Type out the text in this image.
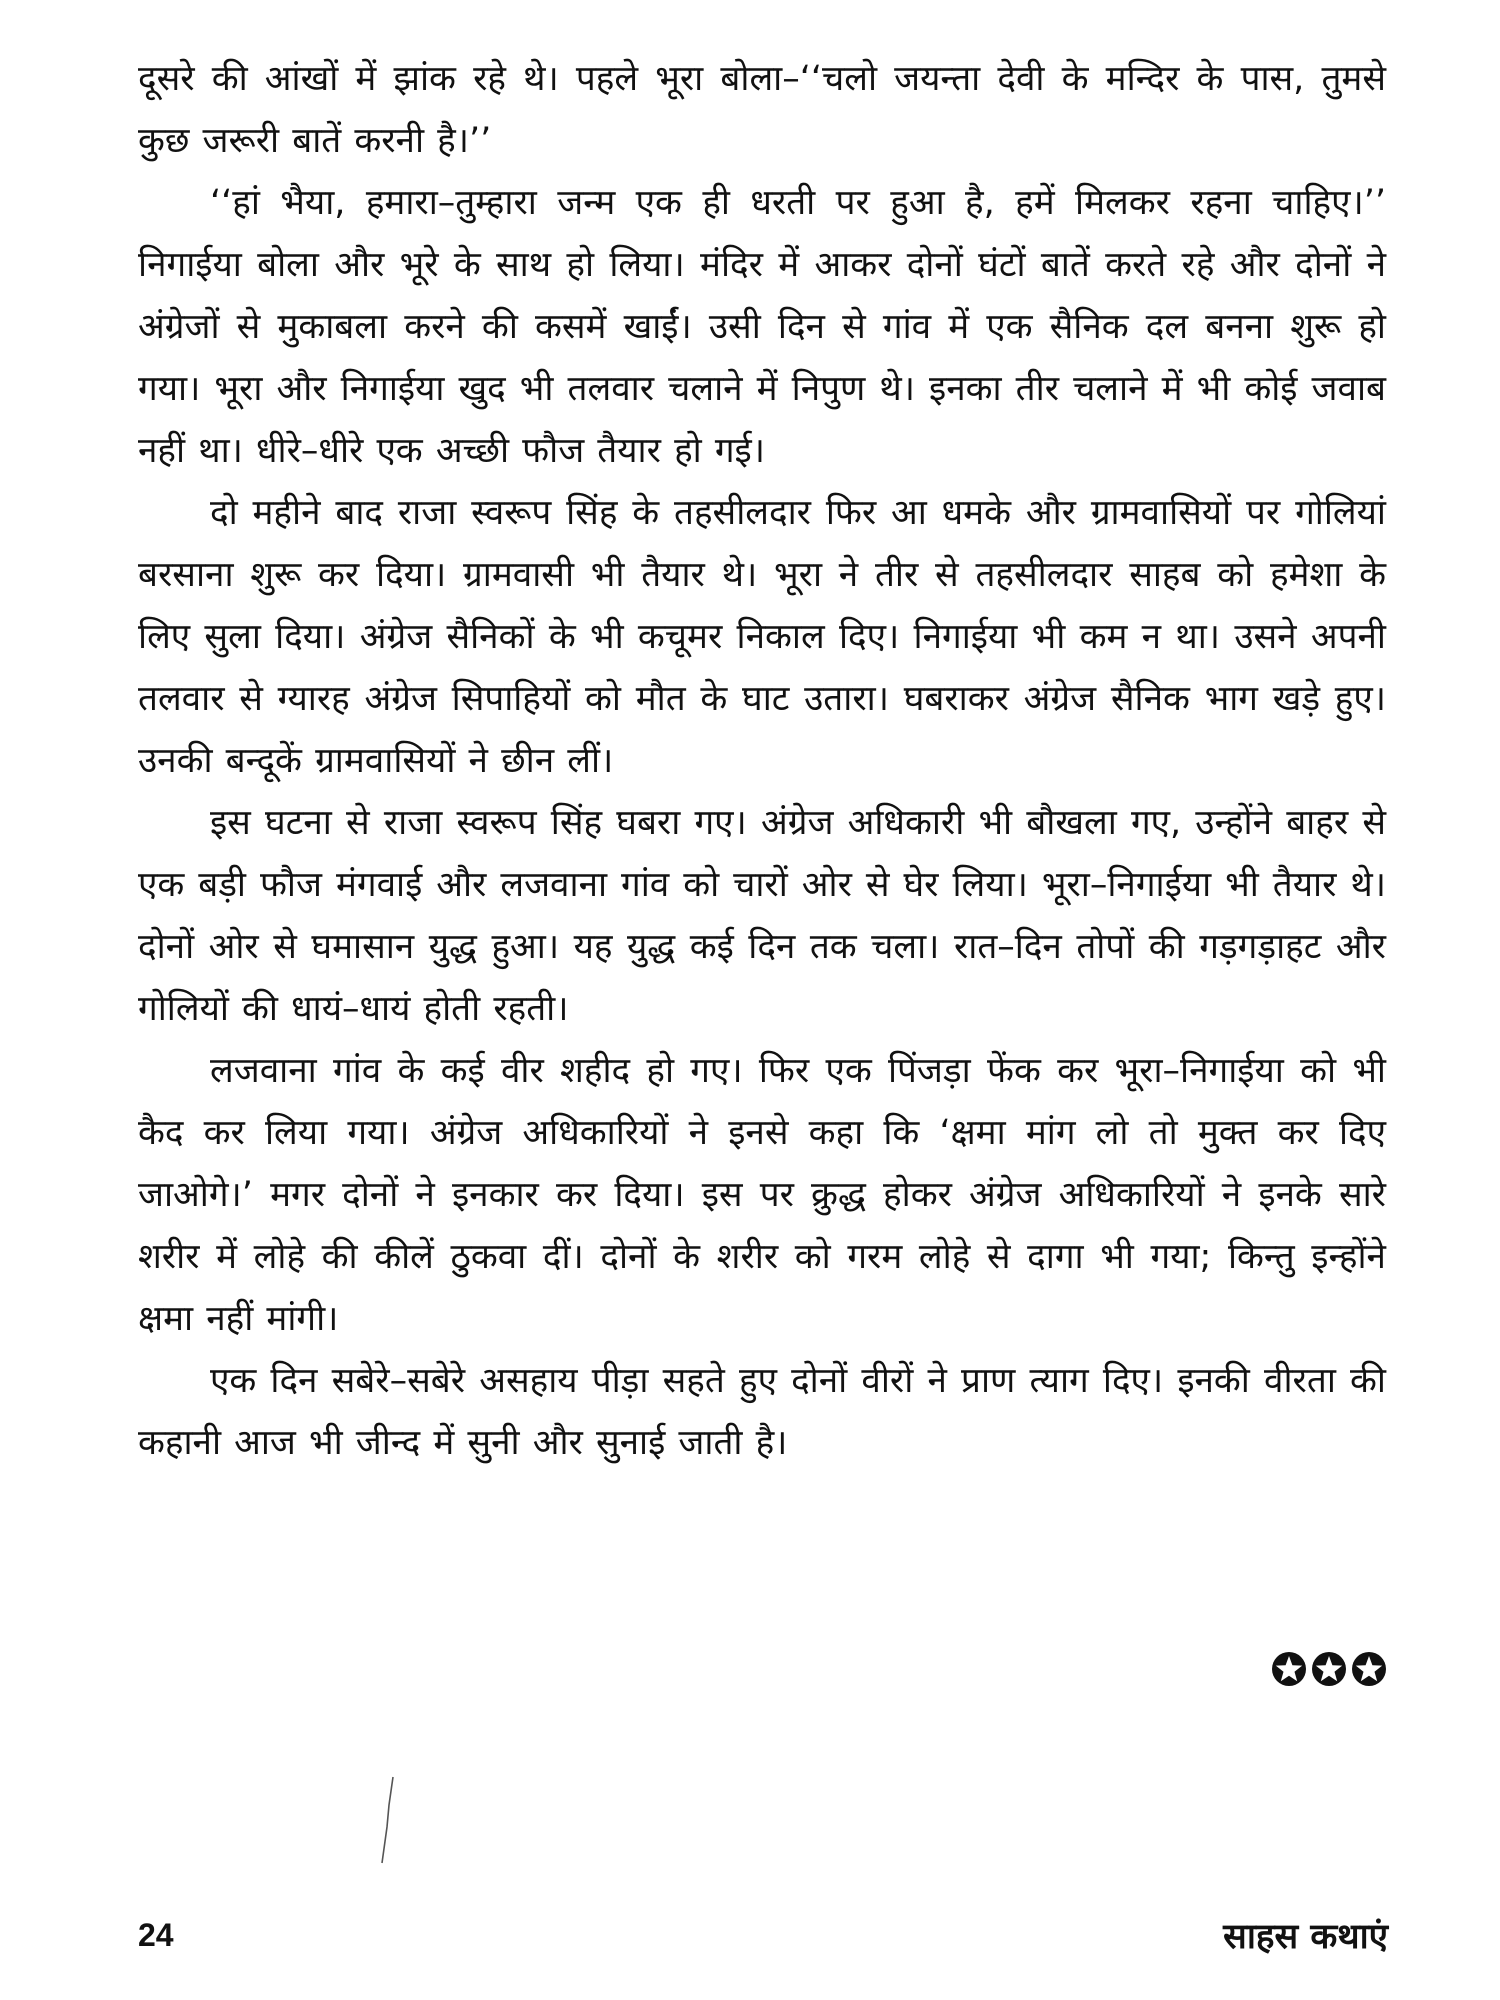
दूसरे की आंखों में झांक रहे थे। पहले भूरा बोला–‘‘चलो जयन्ता देवी के मन्दिर के पास, तुमसे कुछ जरूरी बातें करनी है।’’

‘‘हां भैया, हमारा–तुम्हारा जन्म एक ही धरती पर हुआ है, हमें मिलकर रहना चाहिए।’’ निगाईया बोला और भूरे के साथ हो लिया। मंदिर में आकर दोनों घंटों बातें करते रहे और दोनों ने अंग्रेजों से मुकाबला करने की कसमें खाईं। उसी दिन से गांव में एक सैनिक दल बनना शुरू हो गया। भूरा और निगाईया खुद भी तलवार चलाने में निपुण थे। इनका तीर चलाने में भी कोई जवाब नहीं था। धीरे–धीरे एक अच्छी फौज तैयार हो गई।

दो महीने बाद राजा स्वरूप सिंह के तहसीलदार फिर आ धमके और ग्रामवासियों पर गोलियां बरसाना शुरू कर दिया। ग्रामवासी भी तैयार थे। भूरा ने तीर से तहसीलदार साहब को हमेशा के लिए सुला दिया। अंग्रेज सैनिकों के भी कचूमर निकाल दिए। निगाईया भी कम न था। उसने अपनी तलवार से ग्यारह अंग्रेज सिपाहियों को मौत के घाट उतारा। घबराकर अंग्रेज सैनिक भाग खड़े हुए। उनकी बन्दूकें ग्रामवासियों ने छीन लीं।

इस घटना से राजा स्वरूप सिंह घबरा गए। अंग्रेज अधिकारी भी बौखला गए, उन्होंने बाहर से एक बड़ी फौज मंगवाई और लजवाना गांव को चारों ओर से घेर लिया। भूरा–निगाईया भी तैयार थे। दोनों ओर से घमासान युद्ध हुआ। यह युद्ध कई दिन तक चला। रात–दिन तोपों की गड़गड़ाहट और गोलियों की धायं–धायं होती रहती।

लजवाना गांव के कई वीर शहीद हो गए। फिर एक पिंजड़ा फेंक कर भूरा–निगाईया को भी कैद कर लिया गया। अंग्रेज अधिकारियों ने इनसे कहा कि ‘क्षमा मांग लो तो मुक्त कर दिए जाओगे।’ मगर दोनों ने इनकार कर दिया। इस पर क्रुद्ध होकर अंग्रेज अधिकारियों ने इनके सारे शरीर में लोहे की कीलें ठुकवा दीं। दोनों के शरीर को गरम लोहे से दागा भी गया; किन्तु इन्होंने क्षमा नहीं मांगी।

एक दिन सबेरे–सबेरे असहाय पीड़ा सहते हुए दोनों वीरों ने प्राण त्याग दिए। इनकी वीरता की कहानी आज भी जीन्द में सुनी और सुनाई जाती है।

24	साहस कथाएं
